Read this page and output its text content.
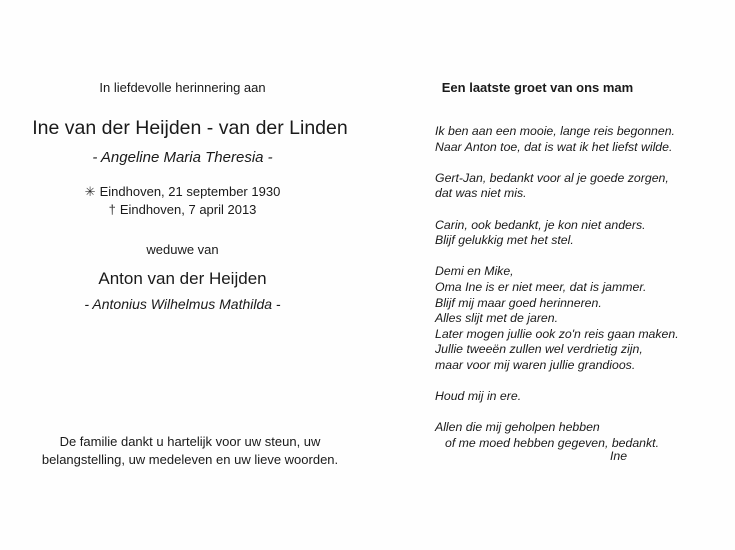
In liefdevolle herinnering aan
Ine van der Heijden - van der Linden
- Angeline Maria Theresia -
✳ Eindhoven, 21 september 1930
† Eindhoven, 7 april 2013
weduwe van
Anton van der Heijden
- Antonius Wilhelmus Mathilda -
De familie dankt u hartelijk voor uw steun, uw
belangstelling, uw medeleven en uw lieve woorden.
Een laatste groet van ons mam
Ik ben aan een mooie, lange reis begonnen.
Naar Anton toe, dat is wat ik het liefst wilde.
Gert-Jan, bedankt voor al je goede zorgen,
dat was niet mis.
Carin, ook bedankt, je kon niet anders.
Blijf gelukkig met het stel.
Demi en Mike,
Oma Ine is er niet meer, dat is jammer.
Blijf mij maar goed herinneren.
Alles slijt met de jaren.
Later mogen jullie ook zo'n reis gaan maken.
Jullie tweeën zullen wel verdrietig zijn,
maar voor mij waren jullie grandioos.
Houd mij in ere.
Allen die mij geholpen hebben
of me moed hebben gegeven, bedankt.
Ine
